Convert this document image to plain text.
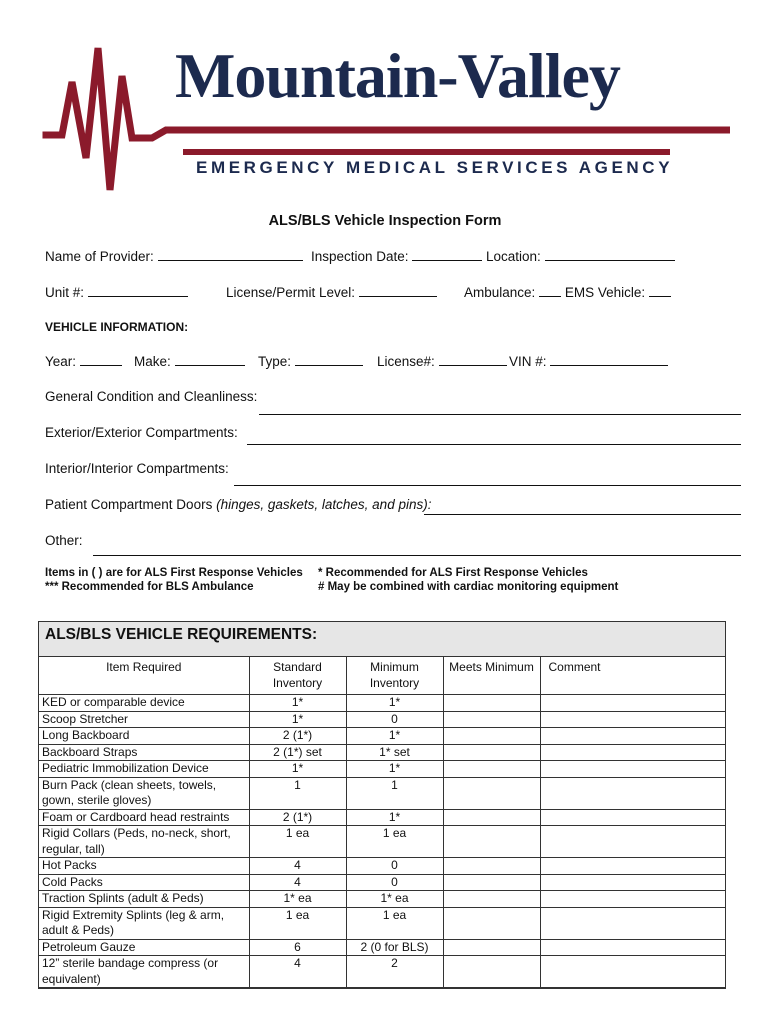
Mountain-Valley
EMERGENCY MEDICAL SERVICES AGENCY
ALS/BLS Vehicle Inspection Form
Name of Provider:	Inspection Date:	Location:
Unit #:	License/Permit Level:	Ambulance: EMS Vehicle:
VEHICLE INFORMATION:
Year:	Make:	Type:	License#:	VIN #:
General Condition and Cleanliness:
Exterior/Exterior Compartments:
Interior/Interior Compartments:
Patient Compartment Doors (hinges, gaskets, latches, and pins):
Other:
Items in ( ) are for ALS First Response Vehicles
*** Recommended for BLS Ambulance
* Recommended for ALS First Response Vehicles
# May be combined with cardiac monitoring equipment
ALS/BLS VEHICLE REQUIREMENTS:
Item Required	Standard Inventory	Minimum Inventory	Meets Minimum	Comment
KED or comparable device	1*	1*		
Scoop Stretcher	1*	0		
Long Backboard	2 (1*)	1*		
Backboard Straps	2 (1*) set	1* set		
Pediatric Immobilization Device	1*	1*		
Burn Pack (clean sheets, towels, gown, sterile gloves)	1	1		
Foam or Cardboard head restraints	2 (1*)	1*		
Rigid Collars (Peds, no-neck, short, regular, tall)	1 ea	1 ea		
Hot Packs	4	0		
Cold Packs	4	0		
Traction Splints (adult & Peds)	1* ea	1* ea		
Rigid Extremity Splints (leg & arm, adult & Peds)	1 ea	1 ea		
Petroleum Gauze	6	2 (0 for BLS)		
12” sterile bandage compress (or equivalent)	4	2		
